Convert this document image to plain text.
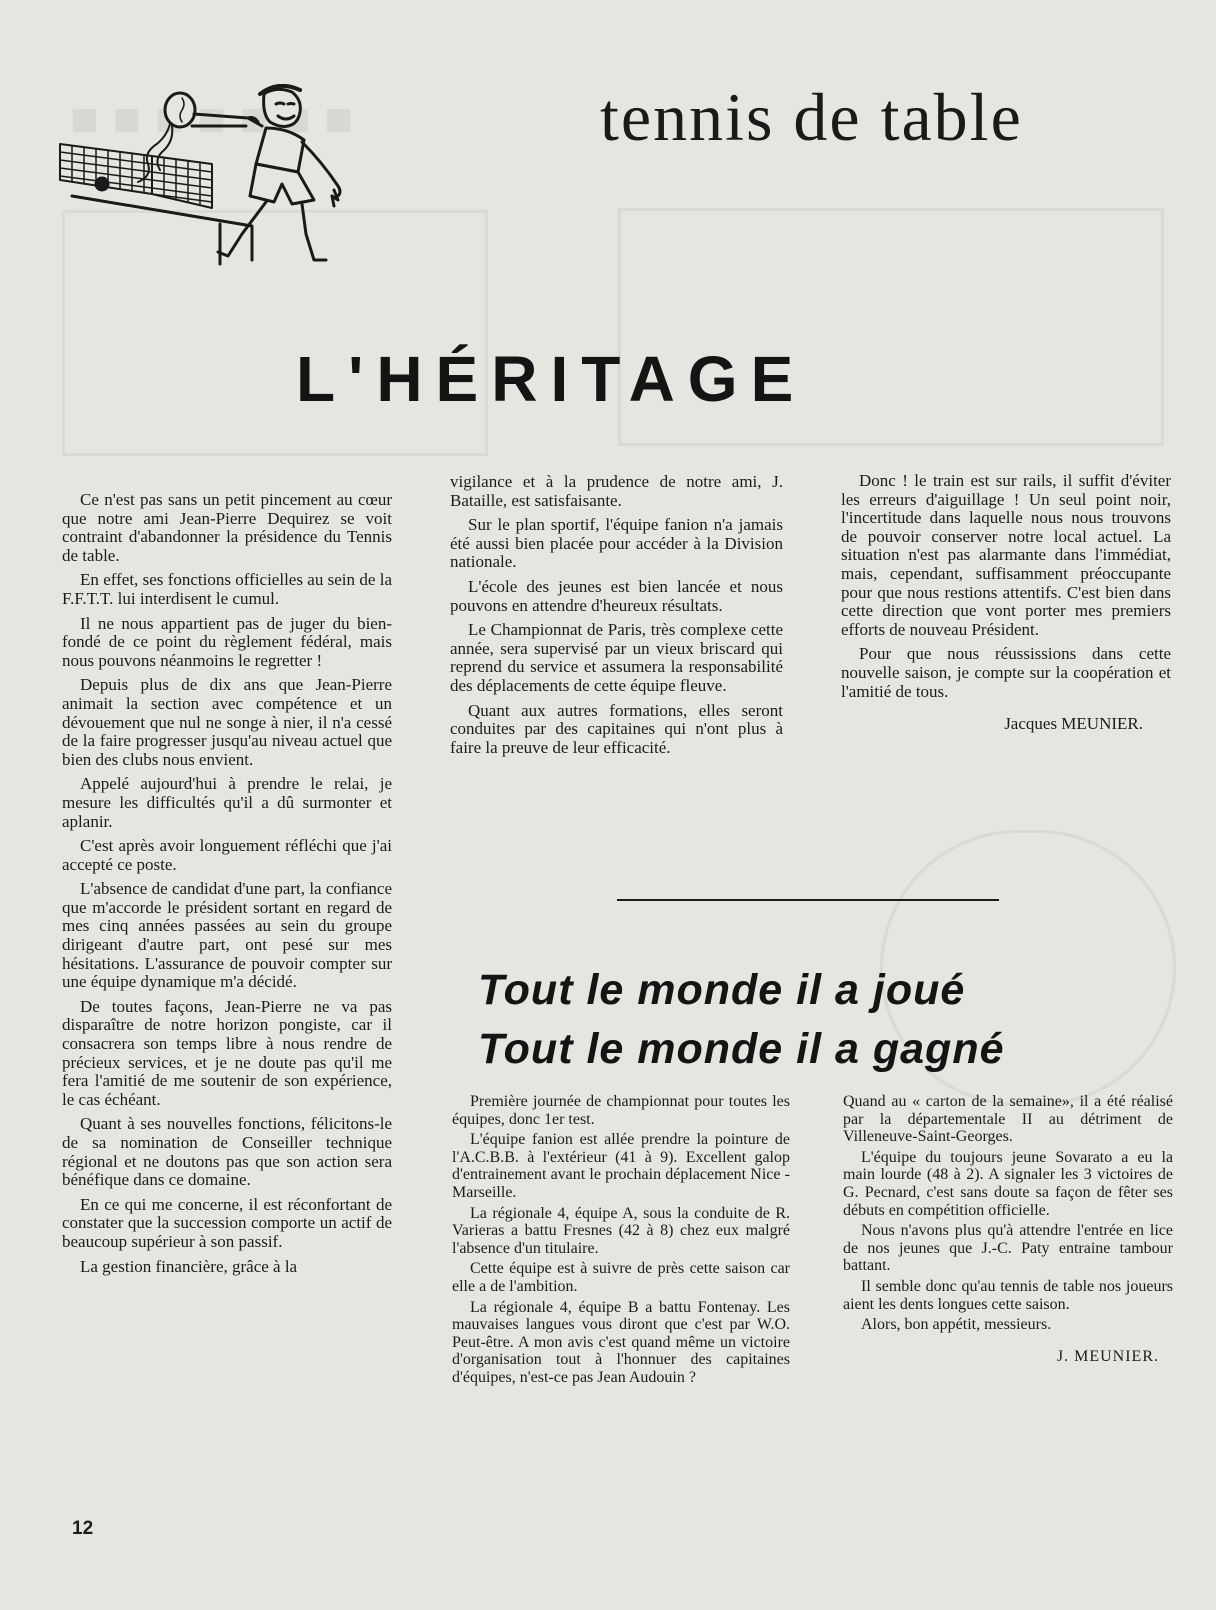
■ ■ ■ ■ ■ ■ ■	tennis de table
L'HÉRITAGE

Ce n'est pas sans un petit pincement au cœur que notre ami Jean-Pierre Dequirez se voit contraint d'abandonner la présidence du Tennis de table.

En effet, ses fonctions officielles au sein de la F.F.T.T. lui interdisent le cumul.

Il ne nous appartient pas de juger du bien-fondé de ce point du règlement fédéral, mais nous pouvons néanmoins le regretter !

Depuis plus de dix ans que Jean-Pierre animait la section avec compétence et un dévouement que nul ne songe à nier, il n'a cessé de la faire progresser jusqu'au niveau actuel que bien des clubs nous envient.

Appelé aujourd'hui à prendre le relai, je mesure les difficultés qu'il a dû surmonter et aplanir.

C'est après avoir longuement réfléchi que j'ai accepté ce poste.

L'absence de candidat d'une part, la confiance que m'accorde le président sortant en regard de mes cinq années passées au sein du groupe dirigeant d'autre part, ont pesé sur mes hésitations. L'assurance de pouvoir compter sur une équipe dynamique m'a décidé.

De toutes façons, Jean-Pierre ne va pas disparaître de notre horizon pongiste, car il consacrera son temps libre à nous rendre de précieux services, et je ne doute pas qu'il me fera l'amitié de me soutenir de son expérience, le cas échéant.

Quant à ses nouvelles fonctions, félicitons-le de sa nomination de Conseiller technique régional et ne doutons pas que son action sera bénéfique dans ce domaine.

En ce qui me concerne, il est réconfortant de constater que la succession comporte un actif de beaucoup supérieur à son passif.

La gestion financière, grâce à la

vigilance et à la prudence de notre ami, J. Bataille, est satisfaisante.

Sur le plan sportif, l'équipe fanion n'a jamais été aussi bien placée pour accéder à la Division nationale.

L'école des jeunes est bien lancée et nous pouvons en attendre d'heureux résultats.

Le Championnat de Paris, très complexe cette année, sera supervisé par un vieux briscard qui reprend du service et assumera la responsabilité des déplacements de cette équipe fleuve.

Quant aux autres formations, elles seront conduites par des capitaines qui n'ont plus à faire la preuve de leur efficacité.

Donc ! le train est sur rails, il suffit d'éviter les erreurs d'aiguillage ! Un seul point noir, l'incertitude dans laquelle nous nous trouvons de pouvoir conserver notre local actuel. La situation n'est pas alarmante dans l'immédiat, mais, cependant, suffisamment préoccupante pour que nous restions attentifs. C'est bien dans cette direction que vont porter mes premiers efforts de nouveau Président.

Pour que nous réussissions dans cette nouvelle saison, je compte sur la coopération et l'amitié de tous.

Jacques MEUNIER.

Tout le monde il a joué
Tout le monde il a gagné

Première journée de championnat pour toutes les équipes, donc 1er test.

L'équipe fanion est allée prendre la pointure de l'A.C.B.B. à l'extérieur (41 à 9). Excellent galop d'entrainement avant le prochain déplacement Nice - Marseille.

La régionale 4, équipe A, sous la conduite de R. Varieras a battu Fresnes (42 à 8) chez eux malgré l'absence d'un titulaire.

Cette équipe est à suivre de près cette saison car elle a de l'ambition.

La régionale 4, équipe B a battu Fontenay. Les mauvaises langues vous diront que c'est par W.O. Peut-être. A mon avis c'est quand même un victoire d'organisation tout à l'honnuer des capitaines d'équipes, n'est-ce pas Jean Audouin ?

Quand au « carton de la semaine», il a été réalisé par la départementale II au détriment de Villeneuve-Saint-Georges.

L'équipe du toujours jeune Sovarato a eu la main lourde (48 à 2). A signaler les 3 victoires de G. Pecnard, c'est sans doute sa façon de fêter ses débuts en compétition officielle.

Nous n'avons plus qu'à attendre l'entrée en lice de nos jeunes que J.-C. Paty entraine tambour battant.

Il semble donc qu'au tennis de table nos joueurs aient les dents longues cette saison.

Alors, bon appétit, messieurs.

J. MEUNIER.

12
